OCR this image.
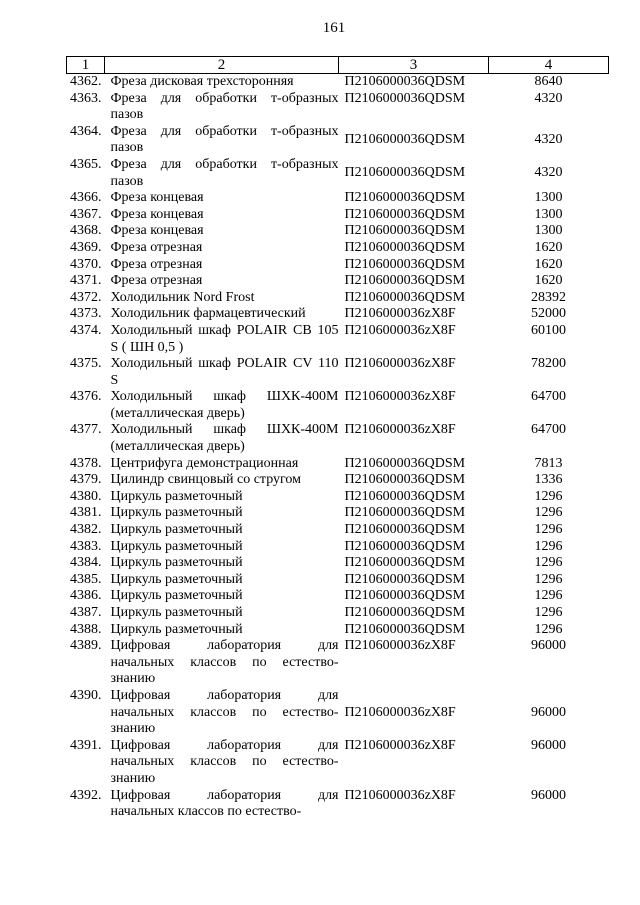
161
1	2	3	4
4362.	Фреза дисковая трехсторонняя	П2106000036QDSM	8640
4363.	Фреза для обработки т-образных пазов	П2106000036QDSM	4320
4364.	Фреза для обработки т-образных пазов	П2106000036QDSM	4320
4365.	Фреза для обработки т-образных пазов	П2106000036QDSM	4320
4366.	Фреза концевая	П2106000036QDSM	1300
4367.	Фреза концевая	П2106000036QDSM	1300
4368.	Фреза концевая	П2106000036QDSM	1300
4369.	Фреза отрезная	П2106000036QDSM	1620
4370.	Фреза отрезная	П2106000036QDSM	1620
4371.	Фреза отрезная	П2106000036QDSM	1620
4372.	Холодильник Nord Frost	П2106000036QDSM	28392
4373.	Холодильник фармацевтический	П2106000036zX8F	52000
4374.	Холодильный шкаф POLAIR CB 105 S ( ШН 0,5 )	П2106000036zX8F	60100
4375.	Холодильный шкаф POLAIR CV 110 S	П2106000036zX8F	78200
4376.	Холодильный шкаф ШХК-400М (металлическая дверь)	П2106000036zX8F	64700
4377.	Холодильный шкаф ШХК-400М (металлическая дверь)	П2106000036zX8F	64700
4378.	Центрифуга демонстрационная	П2106000036QDSM	7813
4379.	Цилиндр свинцовый со стругом	П2106000036QDSM	1336
4380.	Циркуль разметочный	П2106000036QDSM	1296
4381.	Циркуль разметочный	П2106000036QDSM	1296
4382.	Циркуль разметочный	П2106000036QDSM	1296
4383.	Циркуль разметочный	П2106000036QDSM	1296
4384.	Циркуль разметочный	П2106000036QDSM	1296
4385.	Циркуль разметочный	П2106000036QDSM	1296
4386.	Циркуль разметочный	П2106000036QDSM	1296
4387.	Циркуль разметочный	П2106000036QDSM	1296
4388.	Циркуль разметочный	П2106000036QDSM	1296
4389.	Цифровая лаборатория для начальных классов по естество-знанию	П2106000036zX8F	96000
4390.	Цифровая лаборатория для начальных классов по естество-знанию	П2106000036zX8F	96000
4391.	Цифровая лаборатория для начальных классов по естество-знанию	П2106000036zX8F	96000
4392.	Цифровая лаборатория для начальных классов по естество-	П2106000036zX8F	96000
